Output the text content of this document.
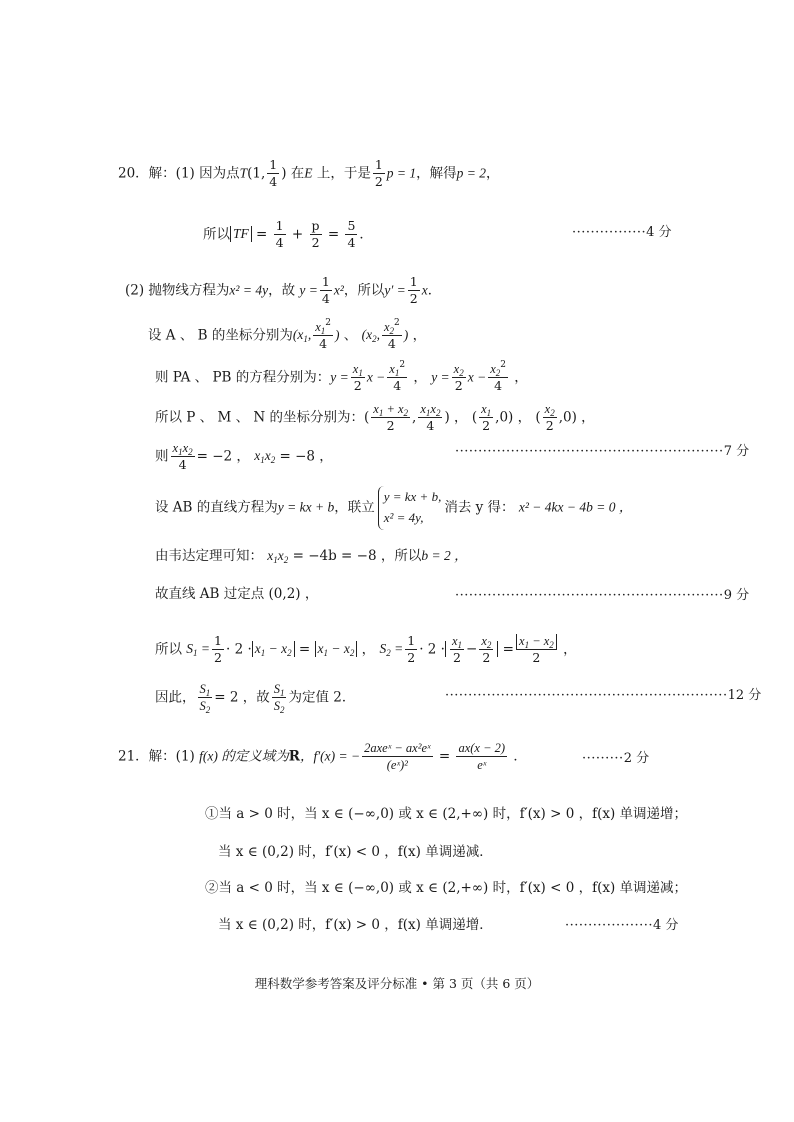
20．解：(1) 因为点T(1, $\frac{1}{4}$ ) 在E 上，于是 $\frac{1}{2}$ p = 1，解得p = 2，
所以 TF = $\frac{1}{4} + \frac{p}{2} = \frac{5}{4}$ ．	················4 分
(2) 抛物线方程为x² = 4y，故 $y = \frac{1}{4} x^2$，所以$y' = \frac{1}{2}$ x．
设 A 、 B 的坐标分别为($x_1$, $\frac{x_1^2}{4}$ ) 、 ($x_2$, $\frac{x_2^2}{4}$ ) ，
则 PA 、 PB 的方程分别为：$y = \frac{x_1}{2}$ $x - \frac{x_1^2}{4}$ ， $y = \frac{x_2}{2}$ $x - \frac{x_2^2}{4}$ ，
所以 P 、 M 、 N 的坐标分别为：( $\frac{x_1 + x_2}{2}$ , $\frac{x_1x_2}{4}$ ) ， ( $\frac{x_1}{2} ,0$) ， ( $\frac{x_2}{2} ,0$) ，
则 $\frac{x_1x_2}{4} = -2$ ， $x_1x_2 = -8$ ，	··························································7 分
设 AB 的直线方程为y = kx + b，联立
y = kx + b,
x² = 4y,
消去 y 得： x² − 4kx − 4b = 0 ，
由韦达定理可知： $x_1x_2 = -4b = -8$ ，所以b = 2 ，
故直线 AB 过定点 (0,2) ，	··························································9 分
所以 $S_1 = \frac{1}{2} \cdot 2 \cdot x_1 - x_2 = x_1 - x_2$ ， $S_2 = \frac{1}{2} \cdot 2 \cdot \frac{x_1}{2} - \frac{x_2}{2} = \frac{x_1 - x_2}{2}$ ，
因此， $\frac{S_1}{S_2} = 2$ ，故 $\frac{S_1}{S_2}$ 为定值 2．	·····························································12 分
21．解：(1) f(x) 的定义域为R，f′(x) = − $\frac{\text{2axeˣ − ax²eˣ}}{\text{(eˣ)²}} = \frac{ax(x - 2)}{\text{eˣ}}$ ．	·········2 分
①当 a > 0 时，当 x ∈ (−∞,0) 或 x ∈ (2,+∞) 时，f′(x) > 0 ，f(x) 单调递增；
当 x ∈ (0,2) 时，f′(x) < 0 ，f(x) 单调递减．
②当 a < 0 时，当 x ∈ (−∞,0) 或 x ∈ (2,+∞) 时，f′(x) < 0 ，f(x) 单调递减；
当 x ∈ (0,2) 时，f′(x) > 0 ，f(x) 单调递增．	···················4 分
理科数学参考答案及评分标准 • 第 3 页（共 6 页）
